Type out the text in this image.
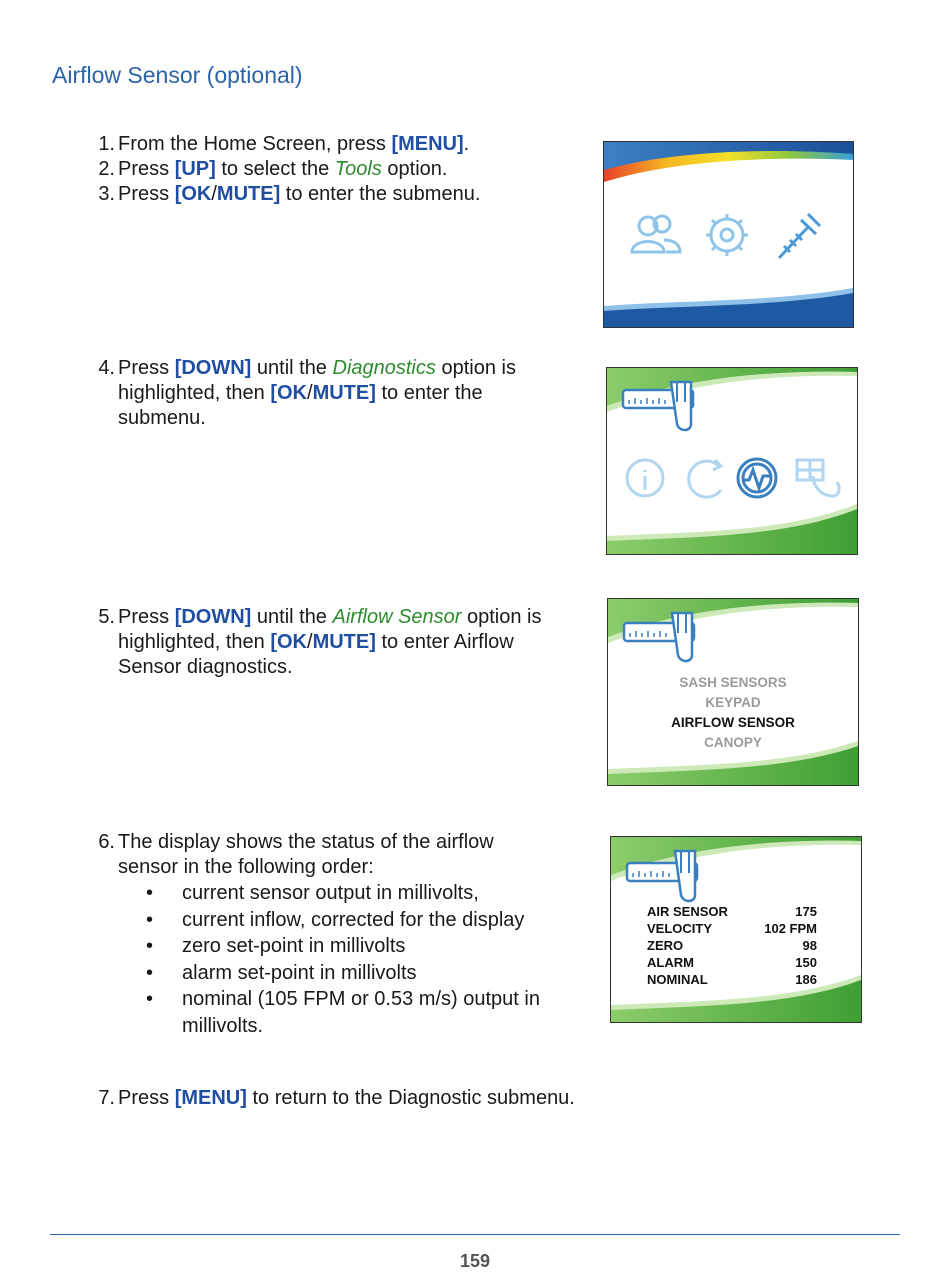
Airflow Sensor (optional)
1. From the Home Screen, press [MENU].
2. Press [UP] to select the Tools option.
3. Press [OK/MUTE] to enter the submenu.
4. Press [DOWN] until the Diagnostics option is
highlighted, then [OK/MUTE] to enter the
submenu.
5. Press [DOWN] until the Airflow Sensor option is
highlighted, then [OK/MUTE] to enter Airflow
Sensor diagnostics.
6. The display shows the status of the airflow
sensor in the following order:
• current sensor output in millivolts,
• current inflow, corrected for the display
• zero set-point in millivolts
• alarm set-point in millivolts
• nominal (105 FPM or 0.53 m/s) output in
millivolts.
7. Press [MENU] to return to the Diagnostic submenu.
SASH SENSORS
KEYPAD
AIRFLOW SENSOR
CANOPY
AIR SENSOR	175
VELOCITY	102 FPM
ZERO	98
ALARM	150
NOMINAL	186
159
